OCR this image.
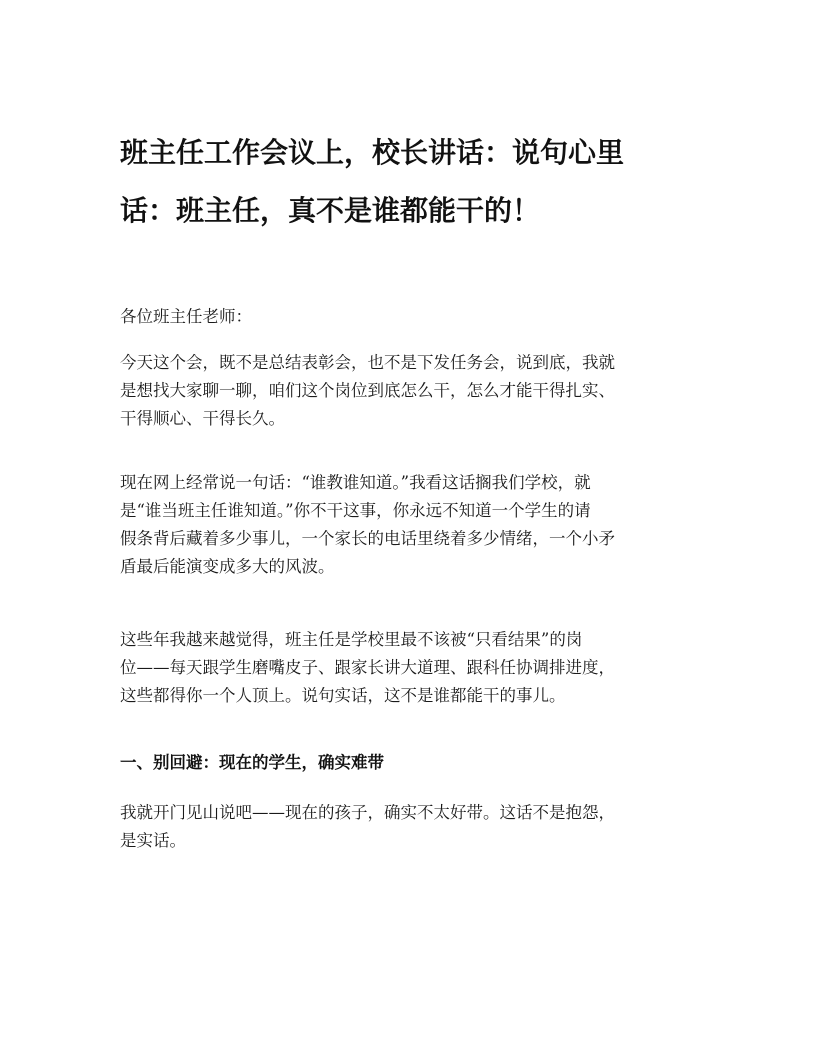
班主任工作会议上，校长讲话：说句心里
话：班主任，真不是谁都能干的！

各位班主任老师：

今天这个会，既不是总结表彰会，也不是下发任务会，说到底，我就
是想找大家聊一聊，咱们这个岗位到底怎么干，怎么才能干得扎实、
干得顺心、干得长久。

现在网上经常说一句话：“谁教谁知道。”我看这话搁我们学校，就
是“谁当班主任谁知道。”你不干这事，你永远不知道一个学生的请
假条背后藏着多少事儿，一个家长的电话里绕着多少情绪，一个小矛
盾最后能演变成多大的风波。

这些年我越来越觉得，班主任是学校里最不该被“只看结果”的岗
位——每天跟学生磨嘴皮子、跟家长讲大道理、跟科任协调排进度，
这些都得你一个人顶上。说句实话，这不是谁都能干的事儿。

一、别回避：现在的学生，确实难带

我就开门见山说吧——现在的孩子，确实不太好带。这话不是抱怨，
是实话。
